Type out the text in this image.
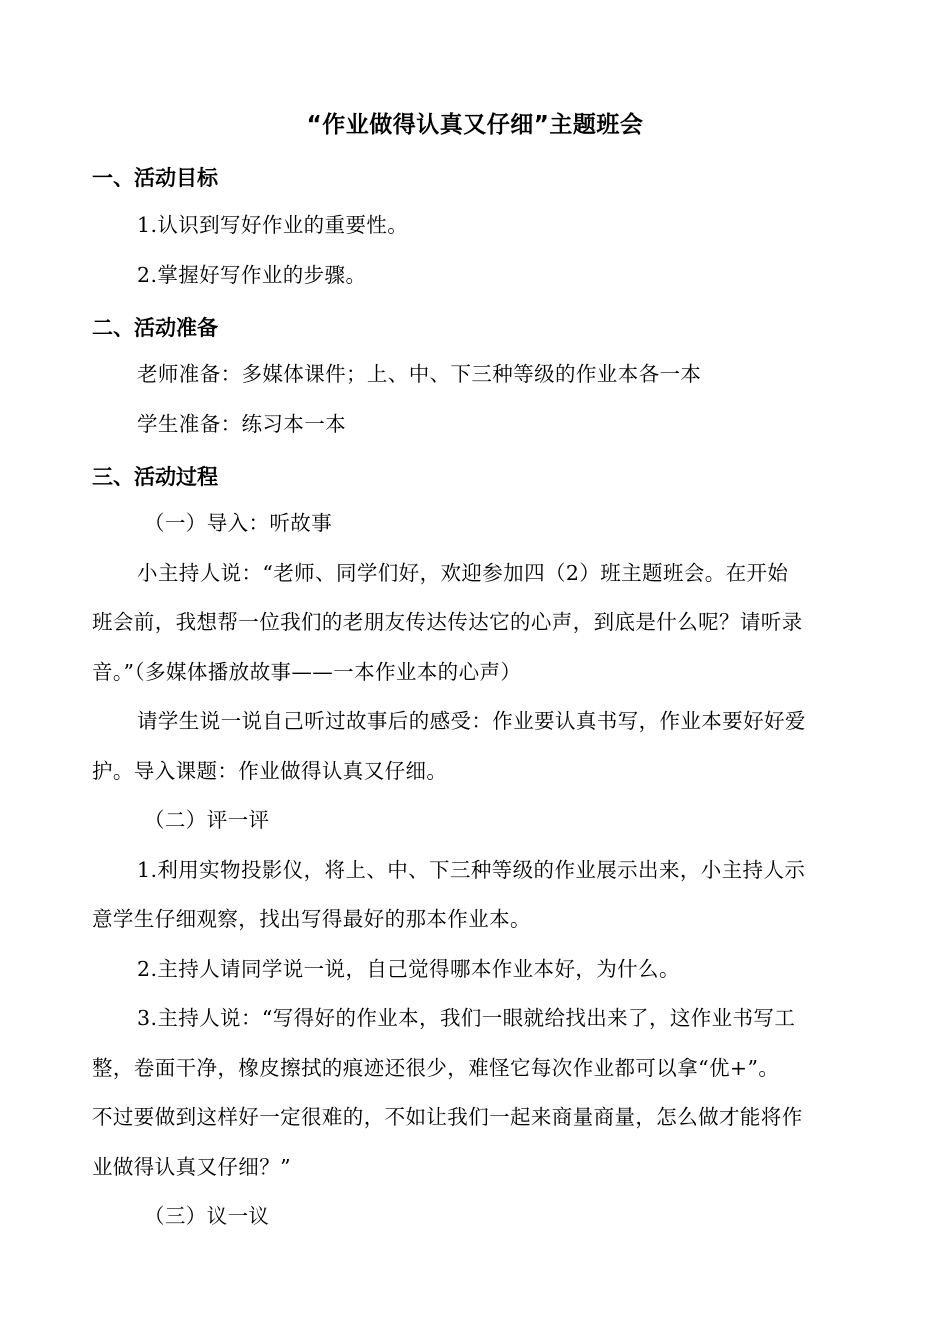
“作业做得认真又仔细”主题班会
一、活动目标
1.认识到写好作业的重要性。
2.掌握好写作业的步骤。
二、活动准备
老师准备：多媒体课件；上、中、下三种等级的作业本各一本
学生准备：练习本一本
三、活动过程
（一）导入：听故事
小主持人说：“老师、同学们好，欢迎参加四（2）班主题班会。在开始
班会前，我想帮一位我们的老朋友传达传达它的心声，到底是什么呢？请听录
音。”（多媒体播放故事——一本作业本的心声）
请学生说一说自己听过故事后的感受：作业要认真书写，作业本要好好爱
护。导入课题：作业做得认真又仔细。
（二）评一评
1.利用实物投影仪，将上、中、下三种等级的作业展示出来，小主持人示
意学生仔细观察，找出写得最好的那本作业本。
2.主持人请同学说一说，自己觉得哪本作业本好，为什么。
3.主持人说：“写得好的作业本，我们一眼就给找出来了，这作业书写工
整，卷面干净，橡皮擦拭的痕迹还很少，难怪它每次作业都可以拿“优+”。
不过要做到这样好一定很难的，不如让我们一起来商量商量，怎么做才能将作
业做得认真又仔细？”
（三）议一议
